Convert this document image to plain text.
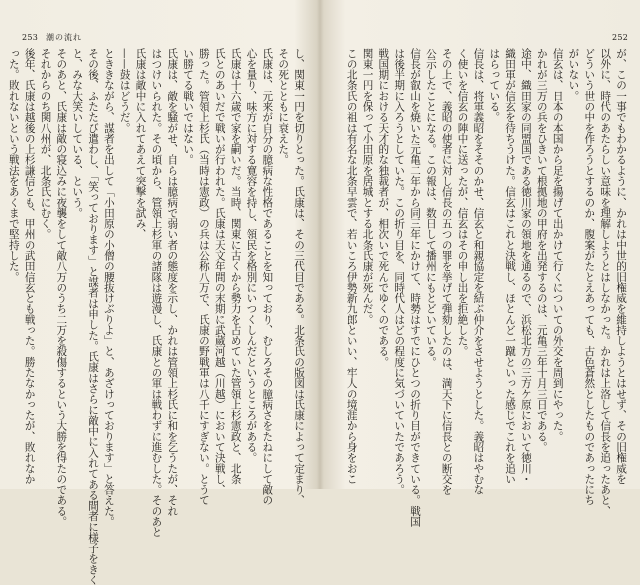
253 潮の流れ
し、関東一円を切りとった。氏康は、その三代目である。北条氏の版図は氏康によって定まり、
その死とともに衰えた。
氏康は、元来が自分の臆病な性格であることを知っており、むしろその臆病さをたねにして敵の
心を量り、味方に対する寛容を持し、領民を格別にいつくしんだというところがある。
氏康は十六歳で家を嗣いだ。当時、関東に古くから勢力を占めていた管領上杉憲政と、北条
氏とのあいだで戦いが行われた。氏康は天文年間の末期に武蔵河越（川越）において決戦し、
勝った。管領上杉氏（当時は憲政）の兵は公称八万で、氏康の野戦軍は八千にすぎない。とうて
い勝てる戦いではない。
氏康は、敵を騒がせ、自らは臆病で弱い者の態度を示し、かれは管領上杉氏に和を乞うたが、それ
はつけいられた。その頃から、管領上杉軍の諸隊は遊漫し、氏康との軍は戦わずに進むした。そのあと
氏康は敵中に入れてあえて突撃を試み、
——鼓はどうだ。
とききながら、謀者を出して「小田原の小僧の腰抜けぶりよ」と、あざけっております」と答えた。
その後、ふたたび遣わし、「笑っております」と謀者は申した。氏康はさらに敵中に入れてある間者に様子をきく
と、みな大笑いしている、という。
そのあと、氏康は敵の寝込みに夜襲をして敵八万のうち二万を殺傷するという大勝を得たのである。
それからのち関八州が、北条氏にむく。
後年、氏康は越後の上杉謙信とも、甲州の武田信玄とも戦った。勝たなかったが、敗れなか
った。敗れないという戦法をあくまで堅持した。
252
が、この一事でもわかるように、かれは中世的旧権威を維持しようとはせず、その旧権威を
以外に、時代のあたらしい意味を理解しようとはしなかった。かれは上洛して信長を追ったあと、
どういう世の中を作ろうとするのか、腹案がたとえあっても、古色蒼然としたものであったにち
がいない。
信玄は、日本の本国から足を揚げて出かけて行くについての外交を周到にやった。
かれが三万の兵をひきいて根拠地の甲府を出発するのは、元亀三年十月三日である。
途中、織田家の同盟国である徳川家の領地を通るので、浜松北方の三方ケ原において徳川・
織田軍が信玄を待ちうけた。信玄はこれと決戦し、ほとんど一蹴といった感じでこれを追い
はらっている。
信長は、将軍義昭をそそのかせ、信玄と和親協定を結ぶ仲介をさせようとした。義昭はやむな
く使いを信玄の陣中に送ったが、信玄はその申し出を拒絶した。
その上で、義昭の使者に対し信長の五つの罪を挙げて弾劾したのは、満天下に信長との断交を
公示したことになる。この報は、数日して播州にもとどいている。
信長が叡山を焼いた元亀二年から同三年にかけて、時勢はすでにひとつの折り目ができている。戦国
は後半期に入ろうとしていた。この折り目を、同時代人はどの程度に気づいていたであろう。
戦国期における天才的な独裁者が、相次いで死んでゆくのである。
関東一円を保って小田原を居城とする北条氏康が死んだ。
この北条氏の祖は有名な北条早雲で、若いころ伊勢新九郎といい、牢人の境涯から身をおこ
